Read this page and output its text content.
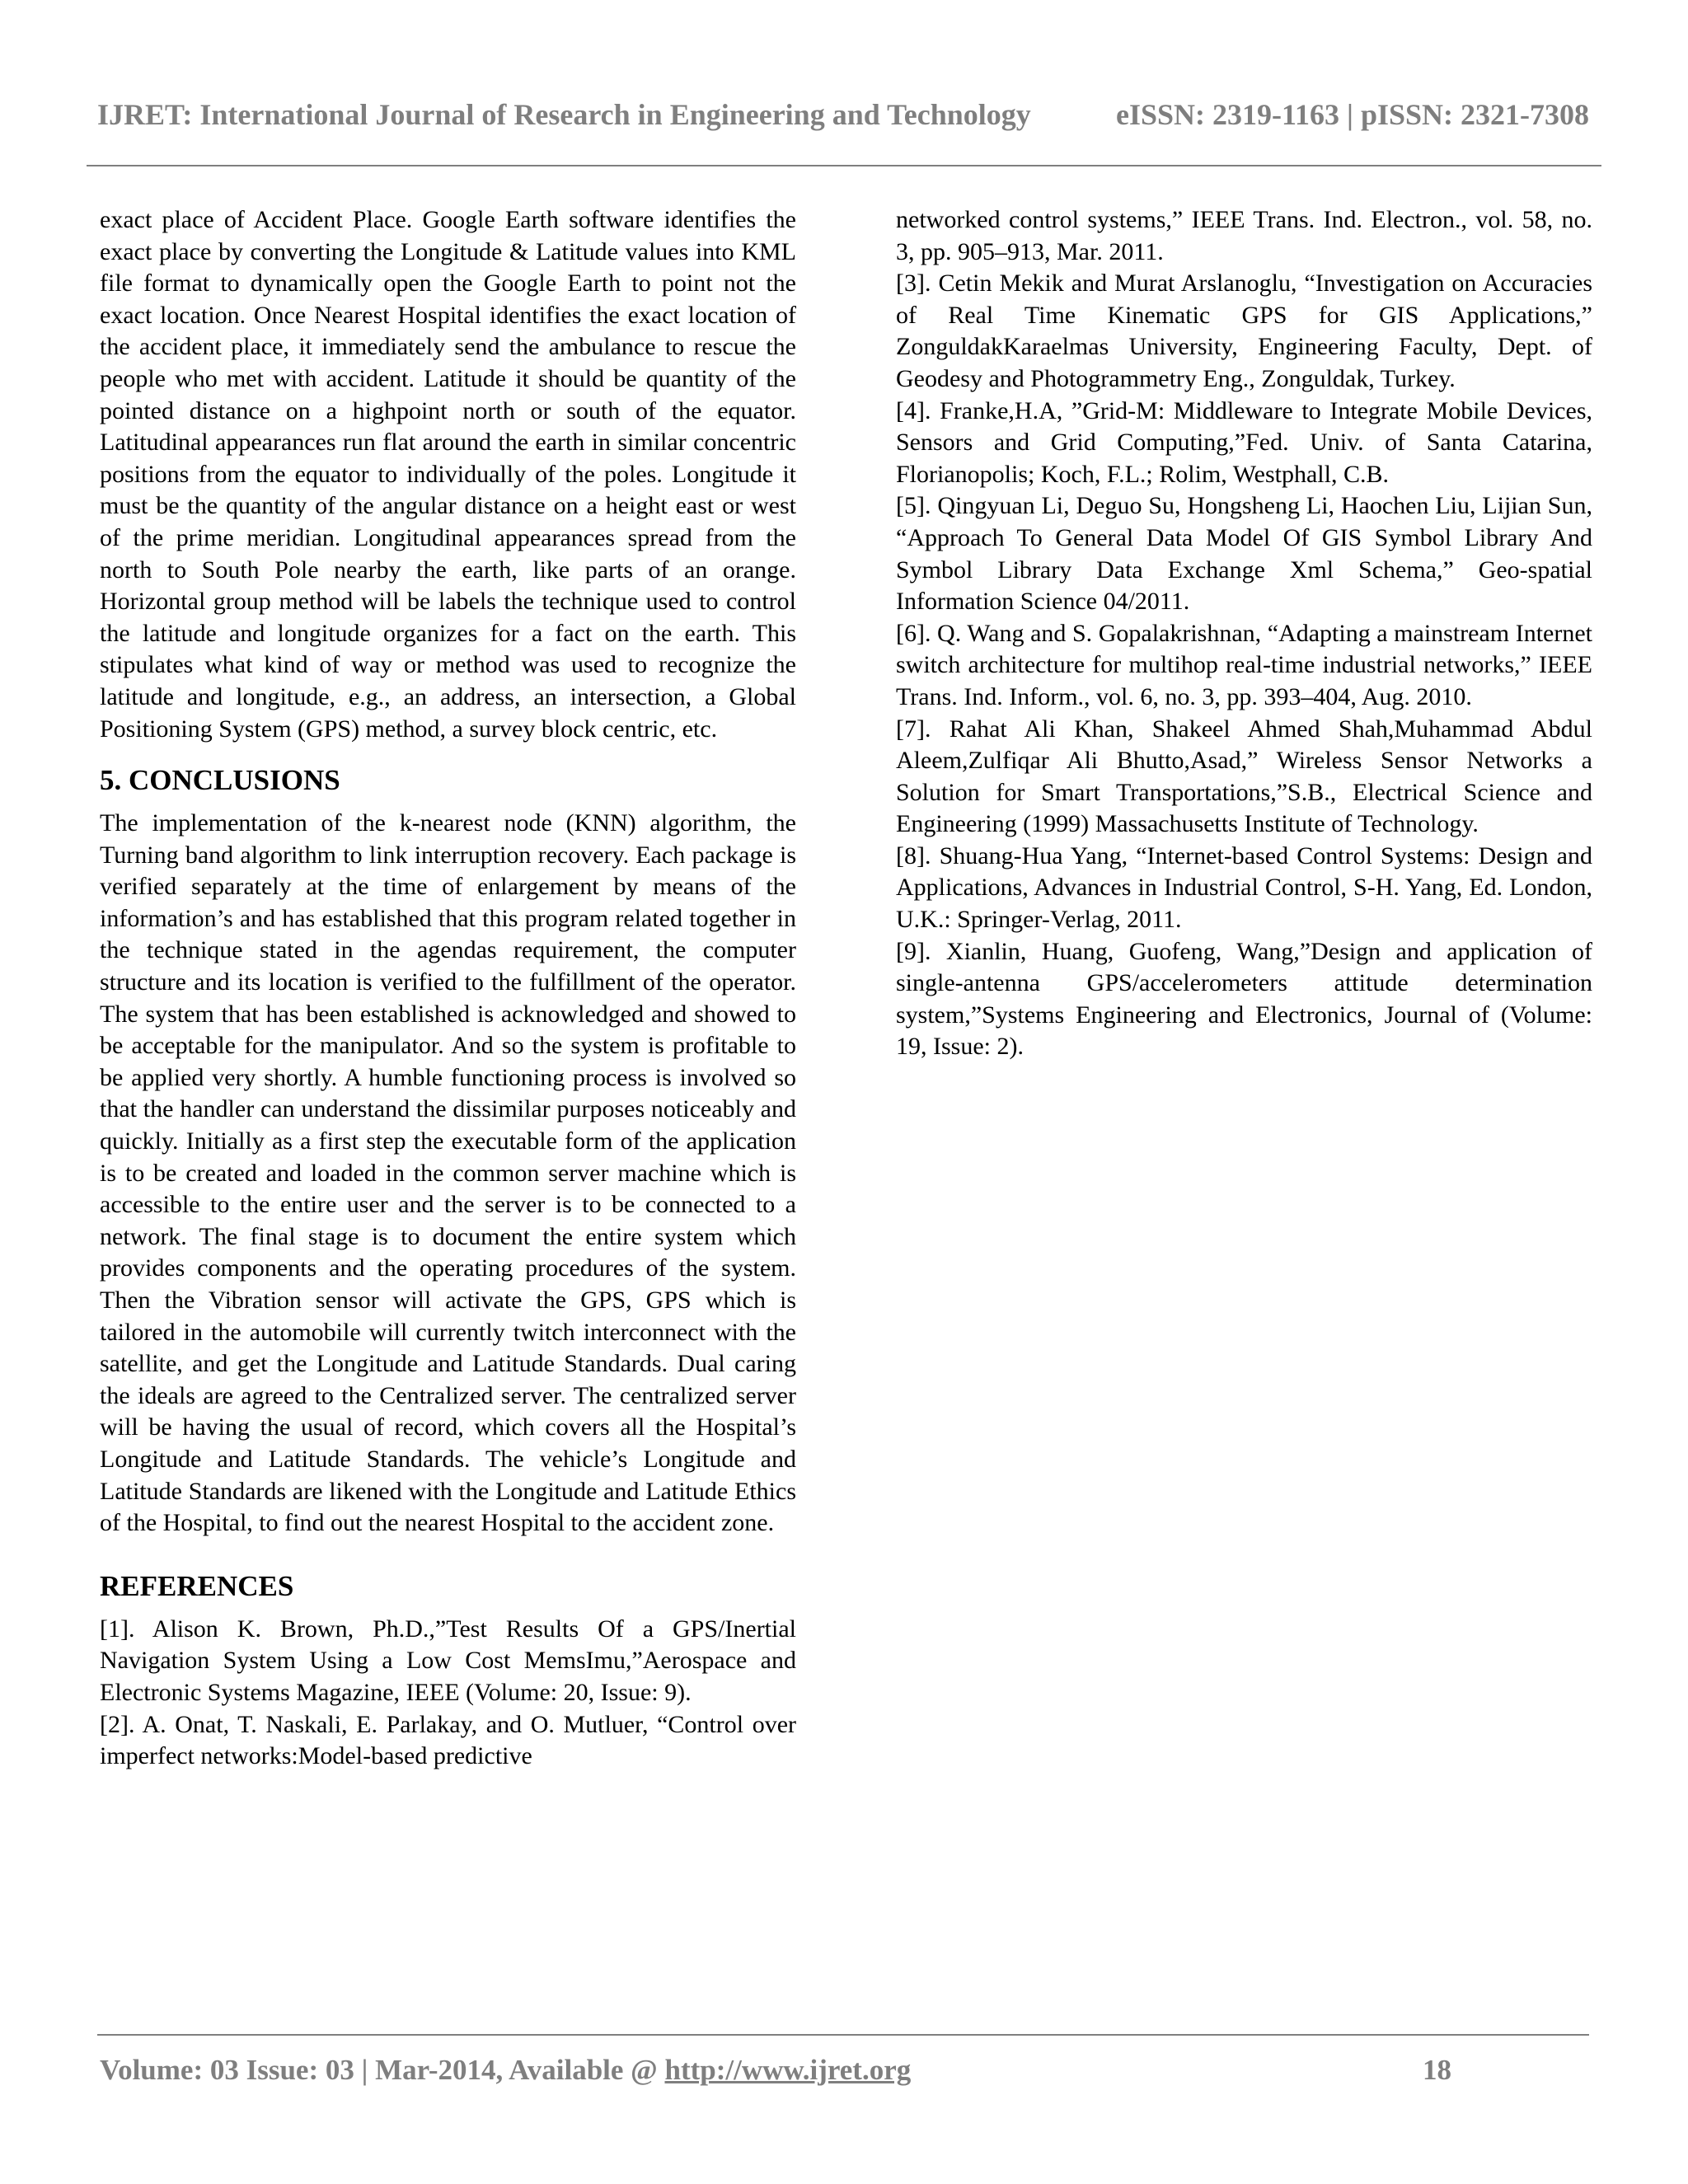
IJRET: International Journal of Research in Engineering and Technology	eISSN: 2319-1163 | pISSN: 2321-7308

exact place of Accident Place. Google Earth software identifies the exact place by converting the Longitude & Latitude values into KML file format to dynamically open the Google Earth to point not the exact location. Once Nearest Hospital identifies the exact location of the accident place, it immediately send the ambulance to rescue the people who met with accident. Latitude it should be quantity of the pointed distance on a highpoint north or south of the equator. Latitudinal appearances run flat around the earth in similar concentric positions from the equator to individually of the poles. Longitude it must be the quantity of the angular distance on a height east or west of the prime meridian. Longitudinal appearances spread from the north to South Pole nearby the earth, like parts of an orange. Horizontal group method will be labels the technique used to control the latitude and longitude organizes for a fact on the earth. This stipulates what kind of way or method was used to recognize the latitude and longitude, e.g., an address, an intersection, a Global Positioning System (GPS) method, a survey block centric, etc.

5. CONCLUSIONS

The implementation of the k-nearest node (KNN) algorithm, the Turning band algorithm to link interruption recovery. Each package is verified separately at the time of enlargement by means of the information’s and has established that this program related together in the technique stated in the agendas requirement, the computer structure and its location is verified to the fulfillment of the operator. The system that has been established is acknowledged and showed to be acceptable for the manipulator. And so the system is profitable to be applied very shortly. A humble functioning process is involved so that the handler can understand the dissimilar purposes noticeably and quickly. Initially as a first step the executable form of the application is to be created and loaded in the common server machine which is accessible to the entire user and the server is to be connected to a network. The final stage is to document the entire system which provides components and the operating procedures of the system. Then the Vibration sensor will activate the GPS, GPS which is tailored in the automobile will currently twitch interconnect with the satellite, and get the Longitude and Latitude Standards. Dual caring the ideals are agreed to the Centralized server. The centralized server will be having the usual of record, which covers all the Hospital’s Longitude and Latitude Standards. The vehicle’s Longitude and Latitude Standards are likened with the Longitude and Latitude Ethics of the Hospital, to find out the nearest Hospital to the accident zone.

REFERENCES

[1]. Alison K. Brown, Ph.D.,”Test Results Of a GPS/Inertial Navigation System Using a Low Cost MemsImu,”Aerospace and Electronic Systems Magazine, IEEE (Volume: 20, Issue: 9).

[2]. A. Onat, T. Naskali, E. Parlakay, and O. Mutluer, “Control over imperfect networks:Model-based predictive

networked control systems,” IEEE Trans. Ind. Electron., vol. 58, no. 3, pp. 905–913, Mar. 2011.

[3]. Cetin Mekik and Murat Arslanoglu, “Investigation on Accuracies of Real Time Kinematic GPS for GIS Applications,” ZonguldakKaraelmas University, Engineering Faculty, Dept. of Geodesy and Photogrammetry Eng., Zonguldak, Turkey.

[4]. Franke,H.A, ”Grid-M: Middleware to Integrate Mobile Devices, Sensors and Grid Computing,”Fed. Univ. of Santa Catarina, Florianopolis; Koch, F.L.; Rolim, Westphall, C.B.

[5]. Qingyuan Li, Deguo Su, Hongsheng Li, Haochen Liu, Lijian Sun, “Approach To General Data Model Of GIS Symbol Library And Symbol Library Data Exchange Xml Schema,” Geo-spatial Information Science 04/2011.

[6]. Q. Wang and S. Gopalakrishnan, “Adapting a mainstream Internet switch architecture for multihop real-time industrial networks,” IEEE Trans. Ind. Inform., vol. 6, no. 3, pp. 393–404, Aug. 2010.

[7]. Rahat Ali Khan, Shakeel Ahmed Shah,Muhammad Abdul Aleem,Zulfiqar Ali Bhutto,Asad,” Wireless Sensor Networks a Solution for Smart Transportations,”S.B., Electrical Science and Engineering (1999) Massachusetts Institute of Technology.

[8]. Shuang-Hua Yang, “Internet-based Control Systems: Design and Applications, Advances in Industrial Control, S-H. Yang, Ed. London, U.K.: Springer-Verlag, 2011.

[9]. Xianlin, Huang, Guofeng, Wang,”Design and application of single-antenna GPS/accelerometers attitude determination system,”Systems Engineering and Electronics, Journal of (Volume: 19, Issue: 2).

Volume: 03 Issue: 03 | Mar-2014, Available @ http://www.ijret.org	18
